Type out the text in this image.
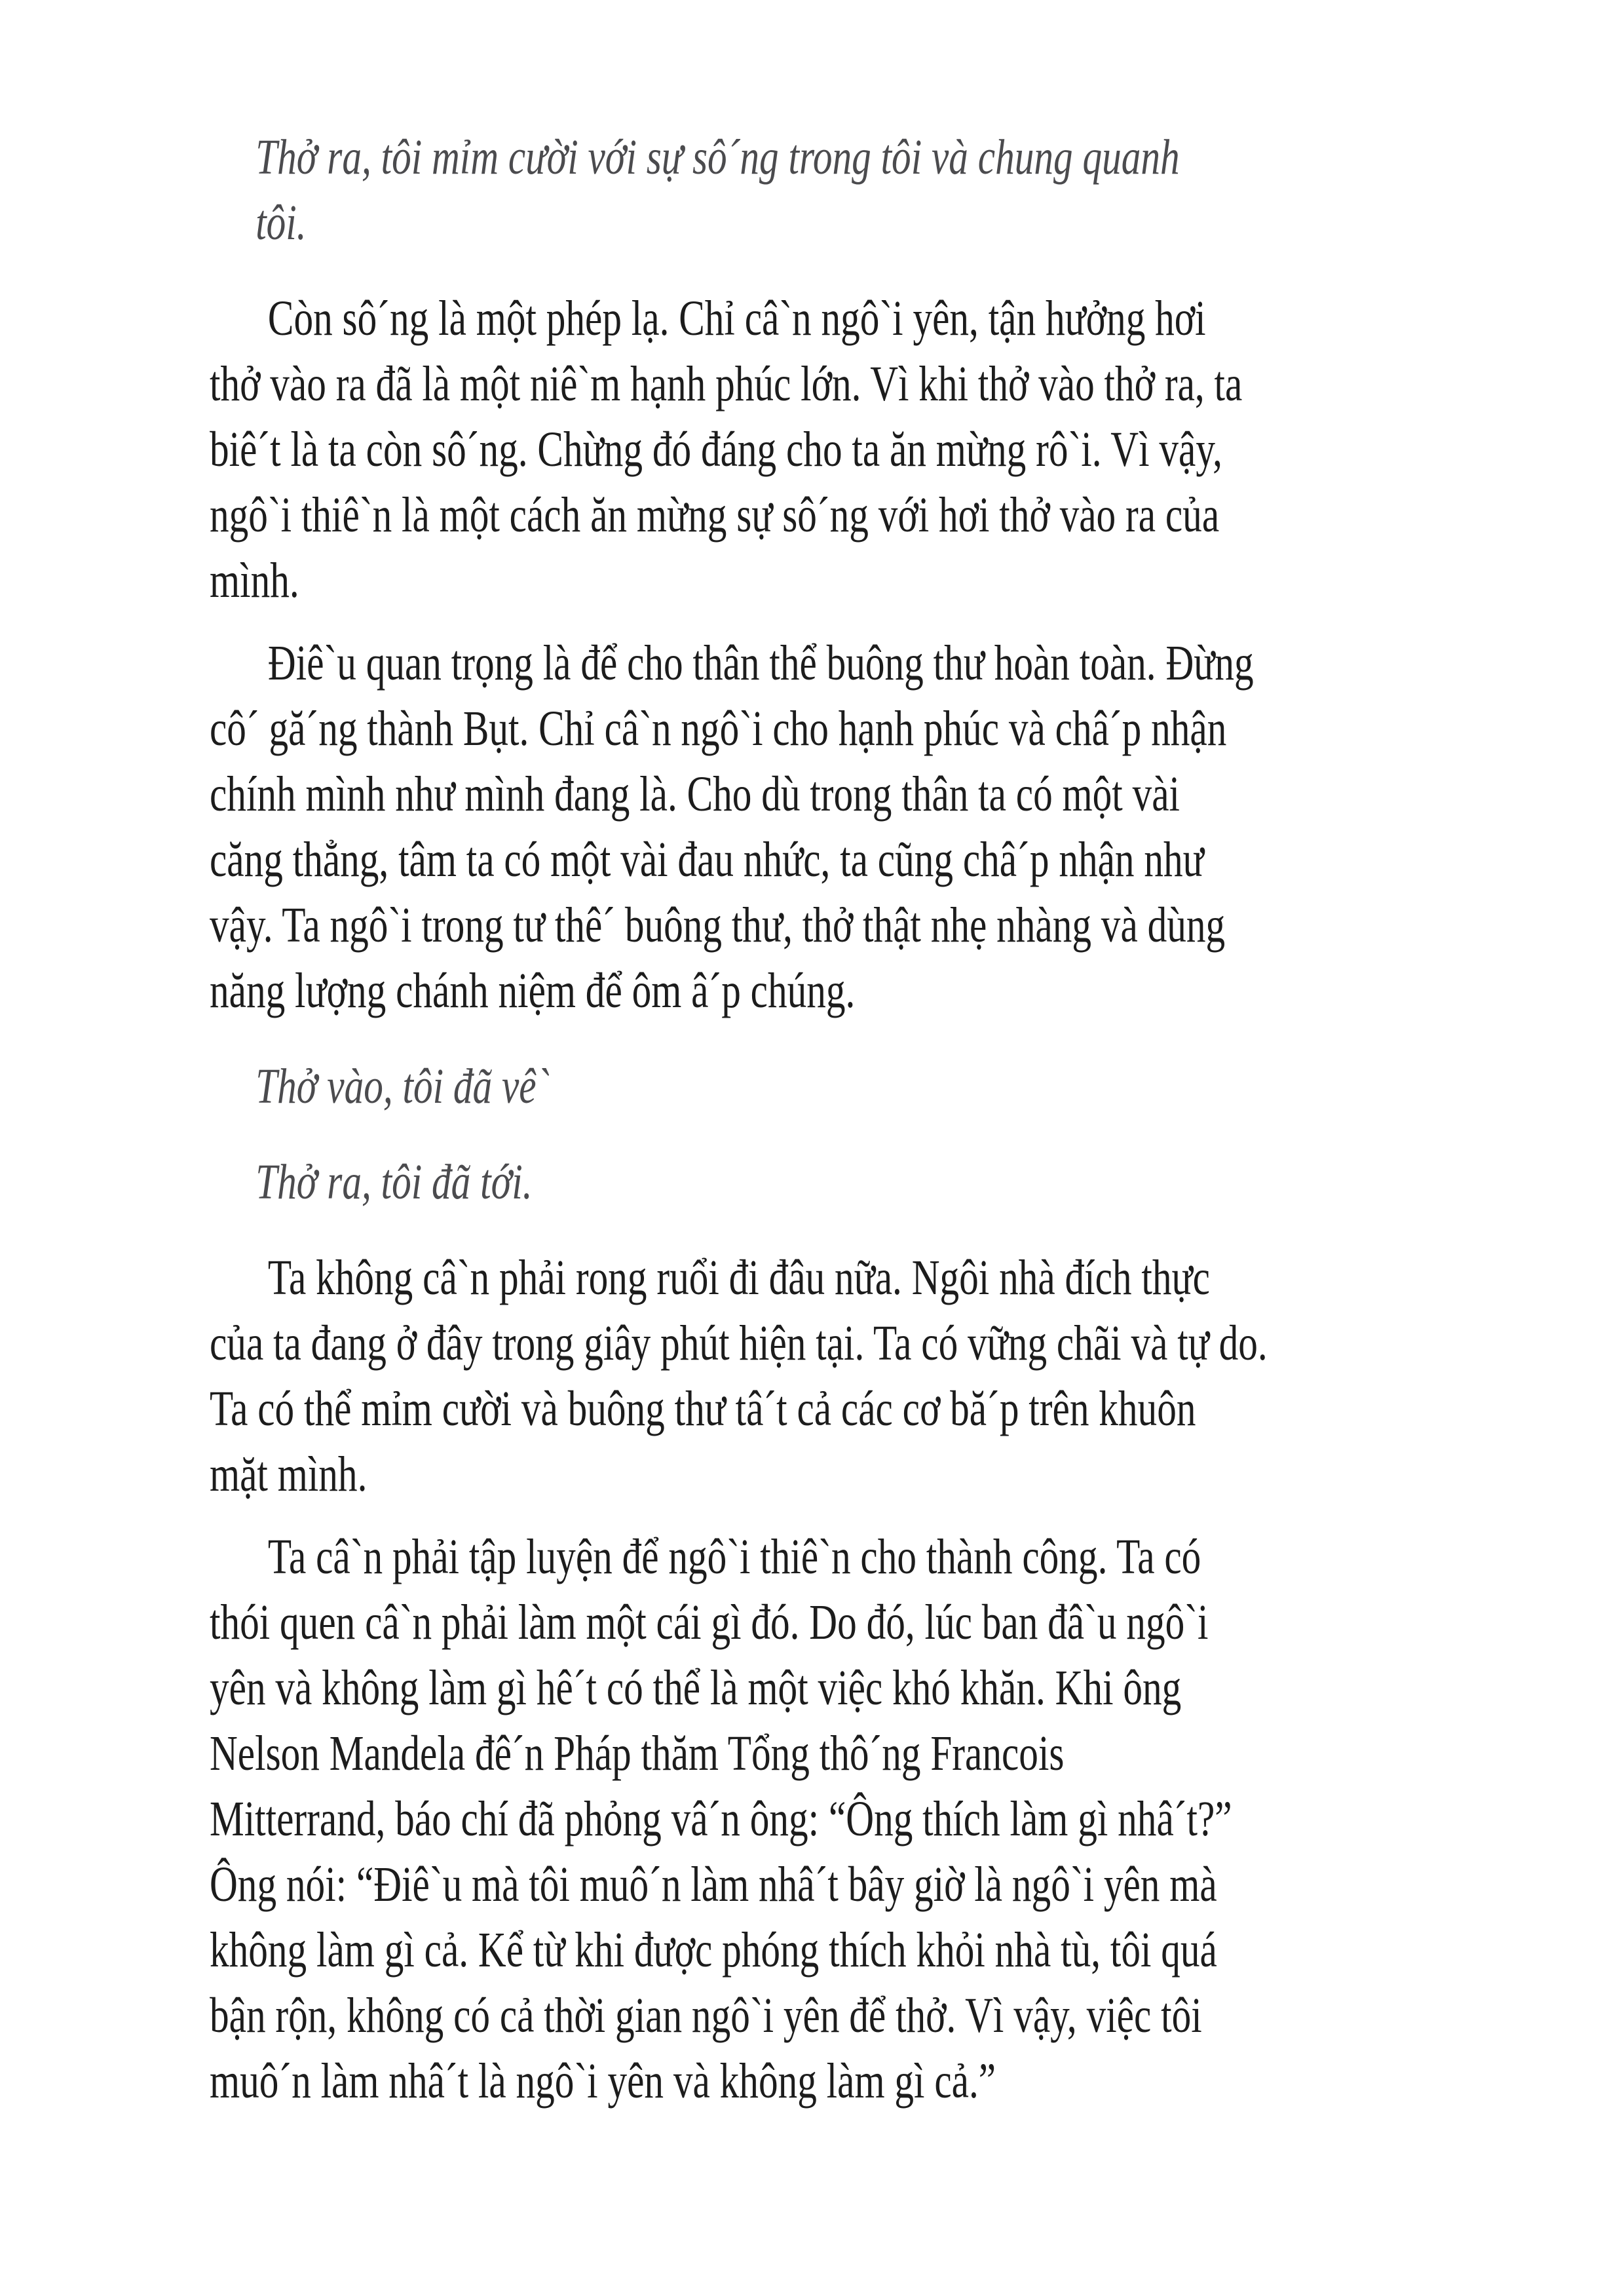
Thở ra, tôi mỉm cười với sự sô´ng trong tôi và chung quanh
tôi.

Còn sô´ng là một phép lạ. Chỉ câ`n ngô`i yên, tận hưởng hơi
thở vào ra đã là một niê`m hạnh phúc lớn. Vì khi thở vào thở ra, ta
biê´t là ta còn sô´ng. Chừng đó đáng cho ta ăn mừng rô`i. Vì vậy,
ngô`i thiê`n là một cách ăn mừng sự sô´ng với hơi thở vào ra của
mình.

Điê`u quan trọng là để cho thân thể buông thư hoàn toàn. Đừng
cô´ gă´ng thành Bụt. Chỉ câ`n ngô`i cho hạnh phúc và châ´p nhận
chính mình như mình đang là. Cho dù trong thân ta có một vài
căng thẳng, tâm ta có một vài đau nhức, ta cũng châ´p nhận như
vậy. Ta ngô`i trong tư thê´ buông thư, thở thật nhẹ nhàng và dùng
năng lượng chánh niệm để ôm â´p chúng.

Thở vào, tôi đã vê`

Thở ra, tôi đã tới.

Ta không câ`n phải rong ruổi đi đâu nữa. Ngôi nhà đích thực
của ta đang ở đây trong giây phút hiện tại. Ta có vững chãi và tự do.
Ta có thể mỉm cười và buông thư tâ´t cả các cơ bă´p trên khuôn
mặt mình.

Ta câ`n phải tập luyện để ngô`i thiê`n cho thành công. Ta có
thói quen câ`n phải làm một cái gì đó. Do đó, lúc ban đâ`u ngô`i
yên và không làm gì hê´t có thể là một việc khó khăn. Khi ông
Nelson Mandela đê´n Pháp thăm Tổng thô´ng Francois
Mitterrand, báo chí đã phỏng vâ´n ông: “Ông thích làm gì nhâ´t?”
Ông nói: “Điê`u mà tôi muô´n làm nhâ´t bây giờ là ngô`i yên mà
không làm gì cả. Kể từ khi được phóng thích khỏi nhà tù, tôi quá
bận rộn, không có cả thời gian ngô`i yên để thở. Vì vậy, việc tôi
muô´n làm nhâ´t là ngô`i yên và không làm gì cả.”
